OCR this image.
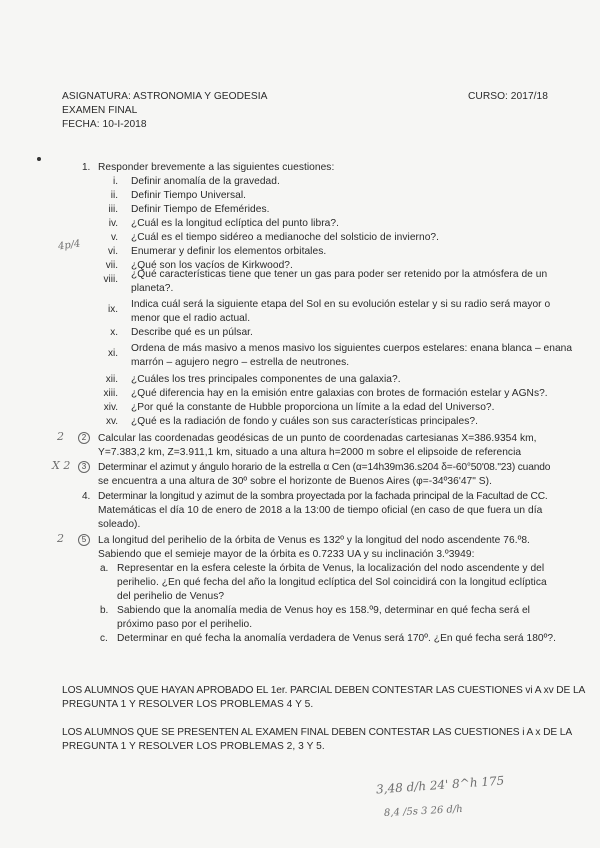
ASIGNATURA: ASTRONOMIA Y GEODESIA
EXAMEN FINAL
FECHA: 10-I-2018
CURSO: 2017/18
1. Responder brevemente a las siguientes cuestiones:
i. Definir anomalía de la gravedad.
ii. Definir Tiempo Universal.
iii. Definir Tiempo de Efemérides.
iv. ¿Cuál es la longitud eclíptica del punto libra?.
v. ¿Cuál es el tiempo sidéreo a medianoche del solsticio de invierno?.
4p/4	vi. Enumerar y definir los elementos orbitales.
vii. ¿Qué son los vacíos de Kirkwood?.
viii. ¿Qué características tiene que tener un gas para poder ser retenido por la atmósfera de un
planeta?.
ix. Indica cuál será la siguiente etapa del Sol en su evolución estelar y si su radio será mayor o
menor que el radio actual.
x. Describe qué es un púlsar.
xi. Ordena de más masivo a menos masivo los siguientes cuerpos estelares: enana blanca – enana
marrón – agujero negro – estrella de neutrones.
xii. ¿Cuáles los tres principales componentes de una galaxia?.
xiii. ¿Qué diferencia hay en la emisión entre galaxias con brotes de formación estelar y AGNs?.
xiv. ¿Por qué la constante de Hubble proporciona un límite a la edad del Universo?.
xv. ¿Qué es la radiación de fondo y cuáles son sus características principales?.
2	2	Calcular las coordenadas geodésicas de un punto de coordenadas cartesianas X=386.9354 km,
Y=7.383,2 km, Z=3.911,1 km, situado a una altura h=2000 m sobre el elipsoide de referencia
X 2	3	Determinar el azimut y ángulo horario de la estrella α Cen (α=14h39m36.s204 δ=-60°50'08."23) cuando
se encuentra a una altura de 30º sobre el horizonte de Buenos Aires (φ=-34º36'47" S).
4. Determinar la longitud y azimut de la sombra proyectada por la fachada principal de la Facultad de CC.
Matemáticas el día 10 de enero de 2018 a la 13:00 de tiempo oficial (en caso de que fuera un día
soleado).
2	5	La longitud del perihelio de la órbita de Venus es 132º y la longitud del nodo ascendente 76.º8.
Sabiendo que el semieje mayor de la órbita es 0.7233 UA y su inclinación 3.º3949:
a. Representar en la esfera celeste la órbita de Venus, la localización del nodo ascendente y del
perihelio. ¿En qué fecha del año la longitud eclíptica del Sol coincidirá con la longitud eclíptica
del perihelio de Venus?
b. Sabiendo que la anomalía media de Venus hoy es 158.º9, determinar en qué fecha será el
próximo paso por el perihelio.
c. Determinar en qué fecha la anomalía verdadera de Venus será 170º. ¿En qué fecha será 180º?.
LOS ALUMNOS QUE HAYAN APROBADO EL 1er. PARCIAL DEBEN CONTESTAR LAS CUESTIONES vi A xv DE LA
PREGUNTA 1 Y RESOLVER LOS PROBLEMAS 4 Y 5.
LOS ALUMNOS QUE SE PRESENTEN AL EXAMEN FINAL DEBEN CONTESTAR LAS CUESTIONES i A x DE LA
PREGUNTA 1 Y RESOLVER LOS PROBLEMAS 2, 3 Y 5.
3,48 d/h 24' 8^h 175
8,4 /5s 3 26 d/h
